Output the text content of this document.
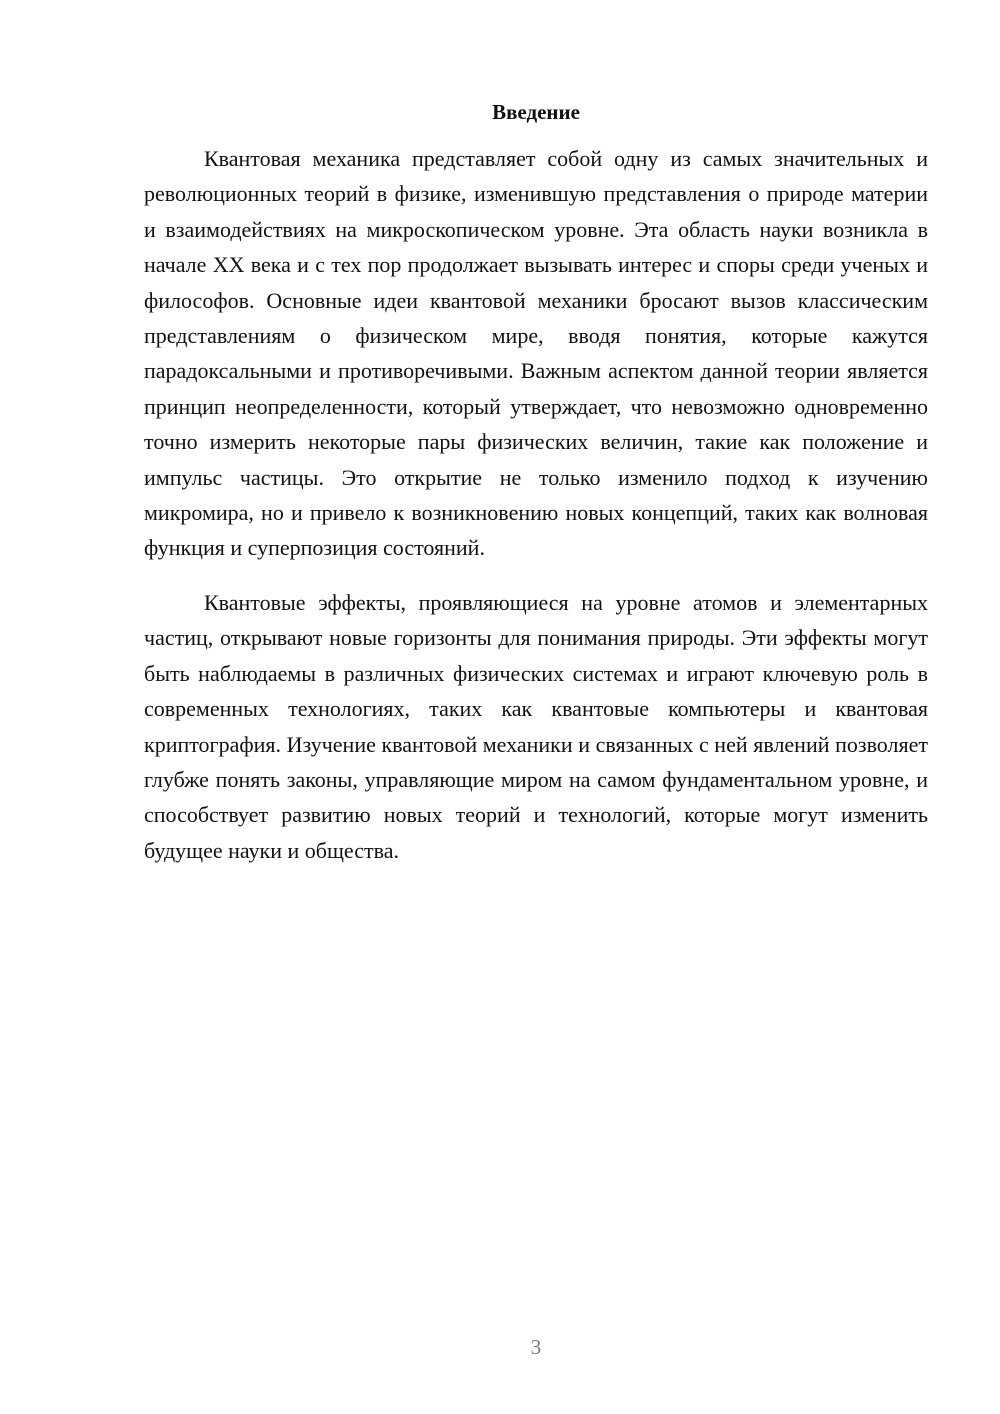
Введение

Квантовая механика представляет собой одну из самых значительных и революционных теорий в физике, изменившую представления о природе материи и взаимодействиях на микроскопическом уровне. Эта область науки возникла в начале XX века и с тех пор продолжает вызывать интерес и споры среди ученых и философов. Основные идеи квантовой механики бросают вызов классическим представлениям о физическом мире, вводя понятия, которые кажутся парадоксальными и противоречивыми. Важным аспектом данной теории является принцип неопределенности, который утверждает, что невозможно одновременно точно измерить некоторые пары физических величин, такие как положение и импульс частицы. Это открытие не только изменило подход к изучению микромира, но и привело к возникновению новых концепций, таких как волновая функция и суперпозиция состояний.

Квантовые эффекты, проявляющиеся на уровне атомов и элементарных частиц, открывают новые горизонты для понимания природы. Эти эффекты могут быть наблюдаемы в различных физических системах и играют ключевую роль в современных технологиях, таких как квантовые компьютеры и квантовая криптография. Изучение квантовой механики и связанных с ней явлений позволяет глубже понять законы, управляющие миром на самом фундаментальном уровне, и способствует развитию новых теорий и технологий, которые могут изменить будущее науки и общества.

3
